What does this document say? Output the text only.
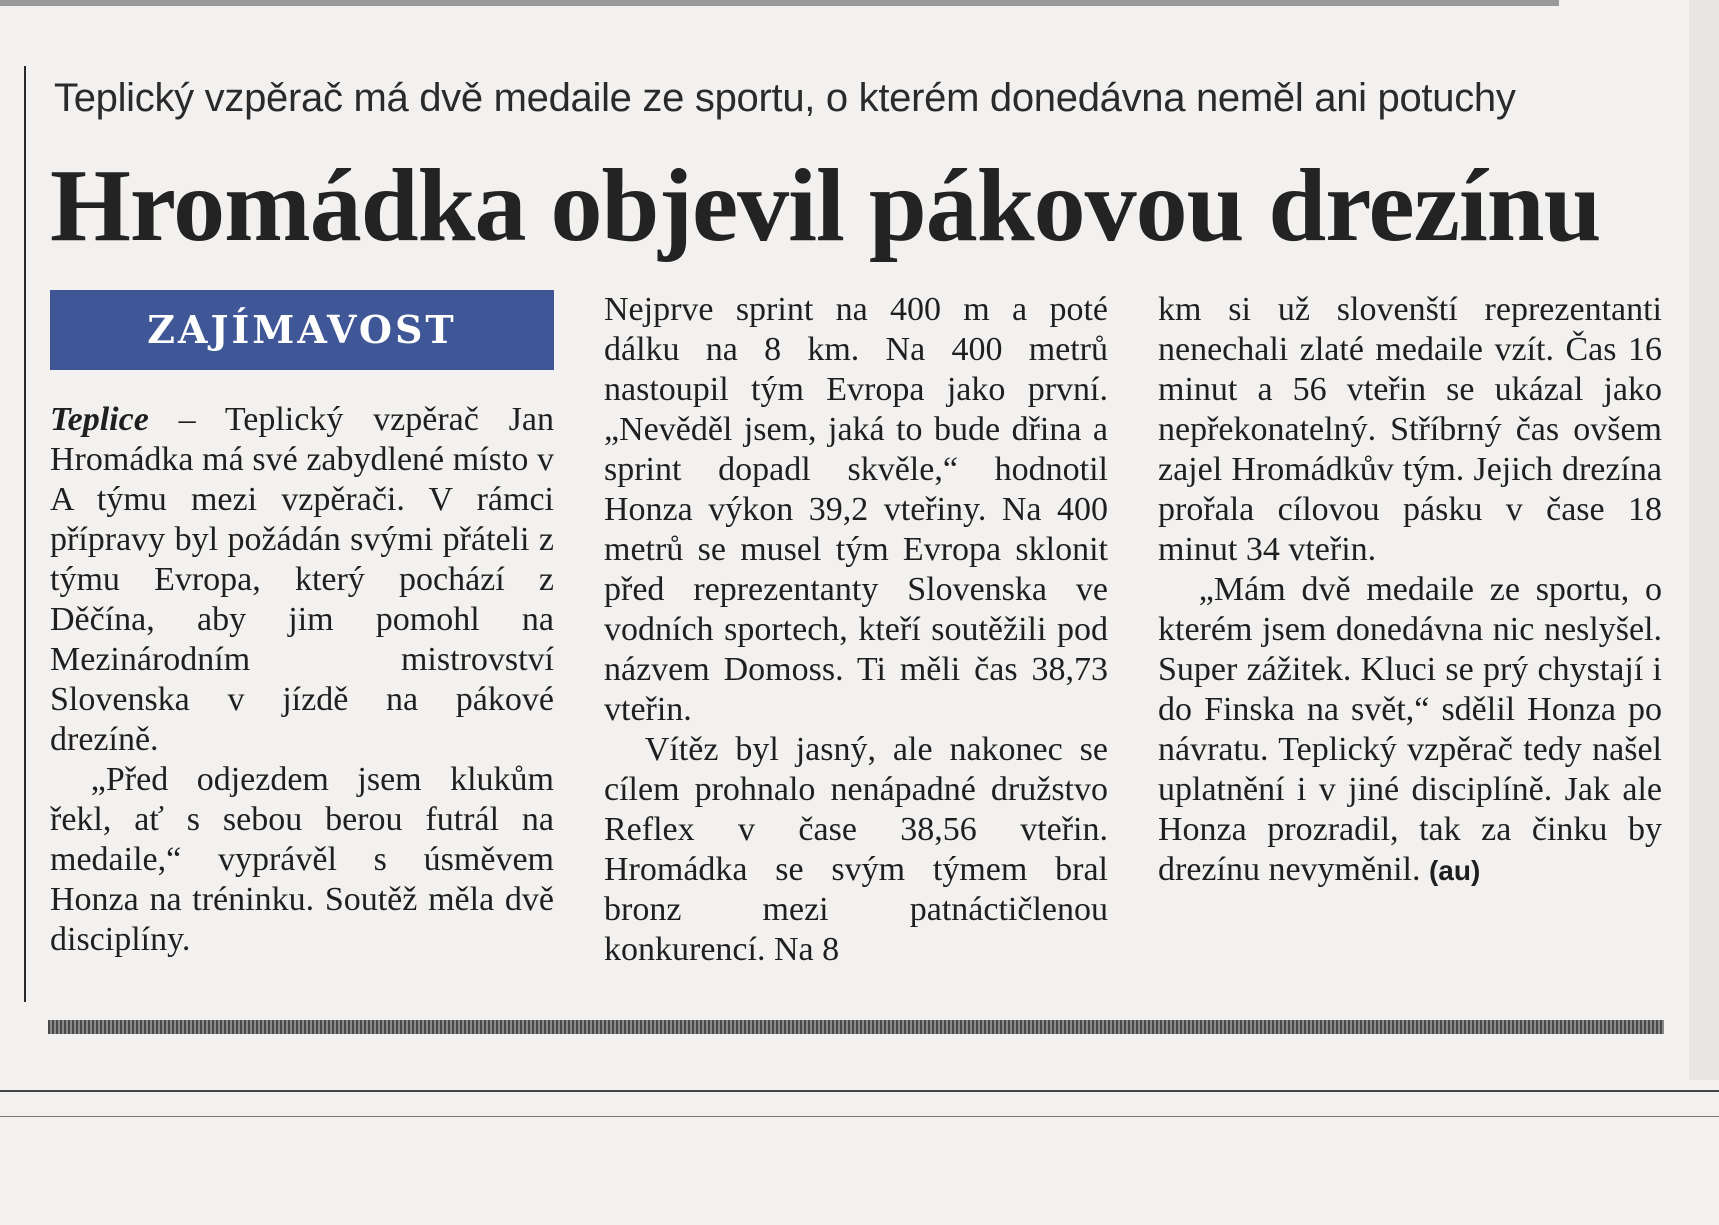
Teplický vzpěrač má dvě medaile ze sportu, o kterém donedávna neměl ani potuchy
Hromádka objevil pákovou drezínu
ZAJÍMAVOST

Teplice – Teplický vzpěrač Jan Hromádka má své zabydlené místo v A týmu mezi vzpěrači. V rámci přípravy byl požádán svými přáteli z týmu Evropa, který pochází z Děčína, aby jim pomohl na Mezinárodním mistrovství Slovenska v jízdě na pákové drezíně.

„Před odjezdem jsem klukům řekl, ať s sebou berou futrál na medaile,“ vyprávěl s úsměvem Honza na tréninku. Soutěž měla dvě disciplíny.

Nejprve sprint na 400 m a poté dálku na 8 km. Na 400 metrů nastoupil tým Evropa jako první. „Nevěděl jsem, jaká to bude dřina a sprint dopadl skvěle,“ hodnotil Honza výkon 39,2 vteřiny. Na 400 metrů se musel tým Evropa sklonit před reprezentanty Slovenska ve vodních sportech, kteří soutěžili pod názvem Domoss. Ti měli čas 38,73 vteřin.

Vítěz byl jasný, ale nakonec se cílem prohnalo nenápadné družstvo Reflex v čase 38,56 vteřin. Hromádka se svým týmem bral bronz mezi patnáctičlenou konkurencí. Na 8

km si už slovenští reprezentanti nenechali zlaté medaile vzít. Čas 16 minut a 56 vteřin se ukázal jako nepřekonatelný. Stříbrný čas ovšem zajel Hromádkův tým. Jejich drezína prořala cílovou pásku v čase 18 minut 34 vteřin.

„Mám dvě medaile ze sportu, o kterém jsem donedávna nic neslyšel. Super zážitek. Kluci se prý chystají i do Finska na svět,“ sdělil Honza po návratu. Teplický vzpěrač tedy našel uplatnění i v jiné disciplíně. Jak ale Honza prozradil, tak za činku by drezínu nevyměnil. (au)
